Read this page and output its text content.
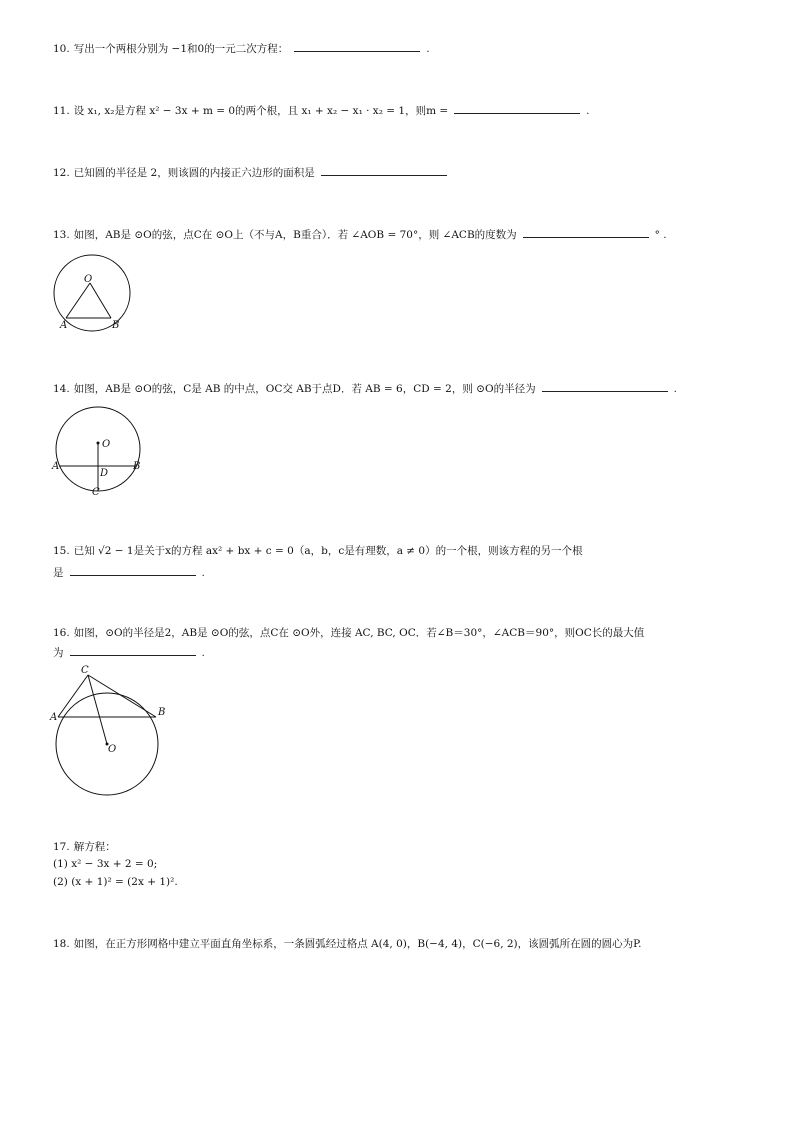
10. 写出一个两根分别为 −1和0的一元二次方程：	.
11. 设 x₁, x₂是方程 x² − 3x + m = 0的两个根，且 x₁ + x₂ − x₁ · x₂ = 1，则m =	.
12. 已知圆的半径是 2，则该圆的内接正六边形的面积是
13. 如图，AB是 ⊙O的弦，点C在 ⊙O上（不与A，B重合）．若 ∠AOB = 70°，则 ∠ACB的度数为	° .
O
A	B
14. 如图，AB是 ⊙O的弦，C是 AB 的中点，OC交 AB于点D．若 AB = 6，CD = 2，则 ⊙O的半径为	.
O
A	B
D
C
15. 已知 √2 − 1是关于x的方程 ax² + bx + c = 0（a，b，c是有理数，a ≠ 0）的一个根，则该方程的另一个根
是	.
16. 如图，⊙O的半径是2，AB是 ⊙O的弦，点C在 ⊙O外，连接 AC, BC, OC．若∠B＝30°，∠ACB＝90°，则OC长的最大值
为	.
C
A	B
O
17. 解方程：
(1) x² − 3x + 2 = 0;
(2) (x + 1)² = (2x + 1)².
18. 如图，在正方形网格中建立平面直角坐标系，一条圆弧经过格点 A(4, 0)，B(−4, 4)，C(−6, 2)，该圆弧所在圆的圆心为P.
